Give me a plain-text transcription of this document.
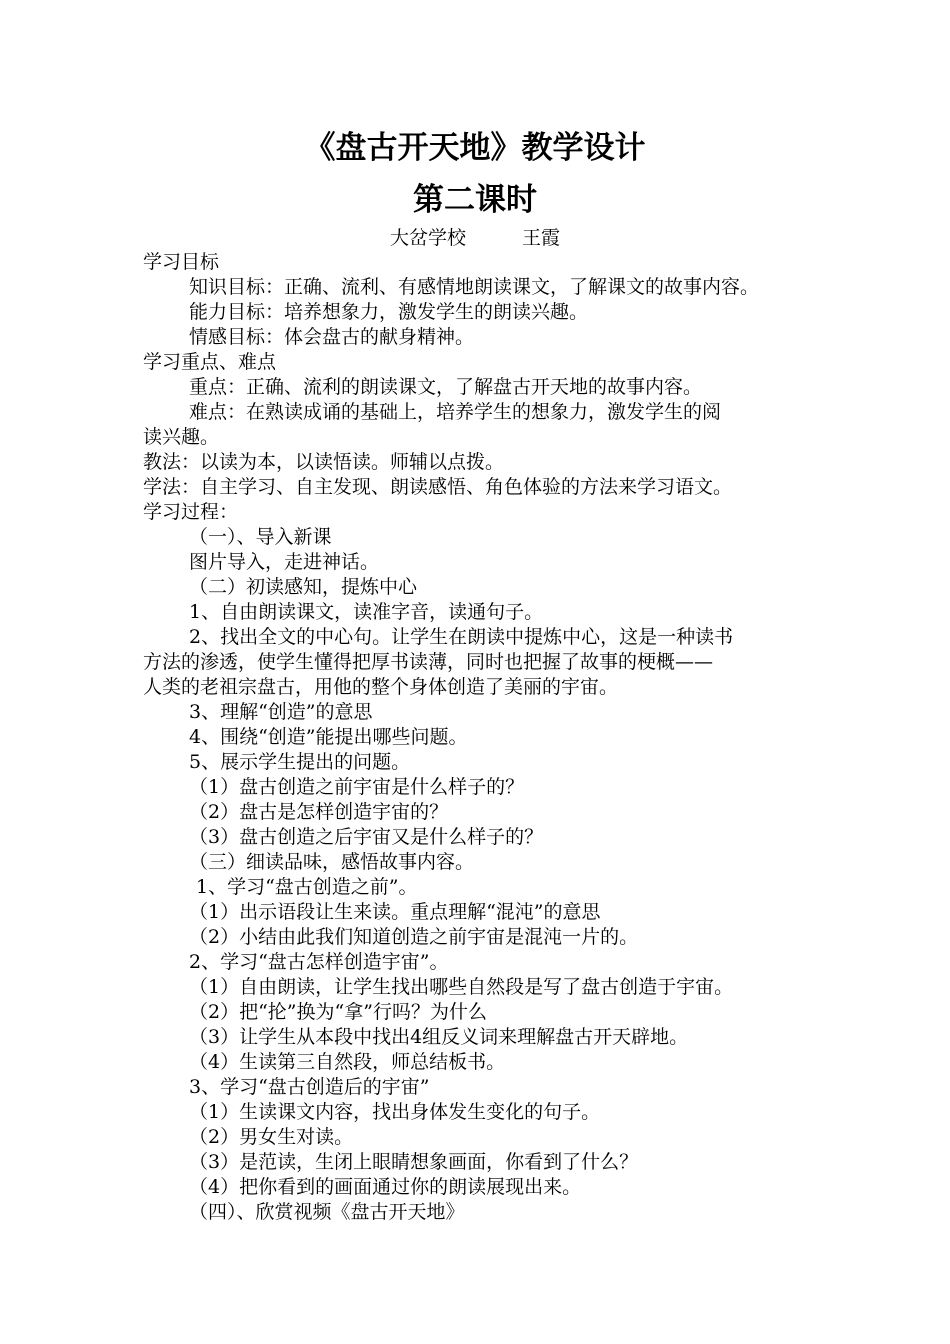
《盘古开天地》教学设计
第二课时
大岔学校	王霞
学习目标
知识目标：正确、流利、有感情地朗读课文，了解课文的故事内容。
能力目标：培养想象力，激发学生的朗读兴趣。
情感目标：体会盘古的献身精神。
学习重点、难点
重点：正确、流利的朗读课文，了解盘古开天地的故事内容。
难点：在熟读成诵的基础上，培养学生的想象力，激发学生的阅
读兴趣。
教法：以读为本，以读悟读。师辅以点拨。
学法：自主学习、自主发现、朗读感悟、角色体验的方法来学习语文。
学习过程：
（一）、导入新课
图片导入，走进神话。
（二）初读感知，提炼中心
1、自由朗读课文，读准字音，读通句子。
2、找出全文的中心句。让学生在朗读中提炼中心，这是一种读书
方法的渗透，使学生懂得把厚书读薄，同时也把握了故事的梗概——
人类的老祖宗盘古，用他的整个身体创造了美丽的宇宙。
3、理解“创造”的意思
4、围绕“创造”能提出哪些问题。
5、展示学生提出的问题。
（1）盘古创造之前宇宙是什么样子的？
（2）盘古是怎样创造宇宙的？
（3）盘古创造之后宇宙又是什么样子的？
（三）细读品味，感悟故事内容。
1、学习“盘古创造之前”。
（1）出示语段让生来读。重点理解“混沌”的意思
（2）小结由此我们知道创造之前宇宙是混沌一片的。
2、学习“盘古怎样创造宇宙”。
（1）自由朗读，让学生找出哪些自然段是写了盘古创造于宇宙。
（2）把“抡”换为“拿”行吗？为什么
（3）让学生从本段中找出4组反义词来理解盘古开天辟地。
（4）生读第三自然段，师总结板书。
3、学习“盘古创造后的宇宙”
（1）生读课文内容，找出身体发生变化的句子。
（2）男女生对读。
（3）是范读，生闭上眼睛想象画面，你看到了什么？
（4）把你看到的画面通过你的朗读展现出来。
（四）、欣赏视频《盘古开天地》
